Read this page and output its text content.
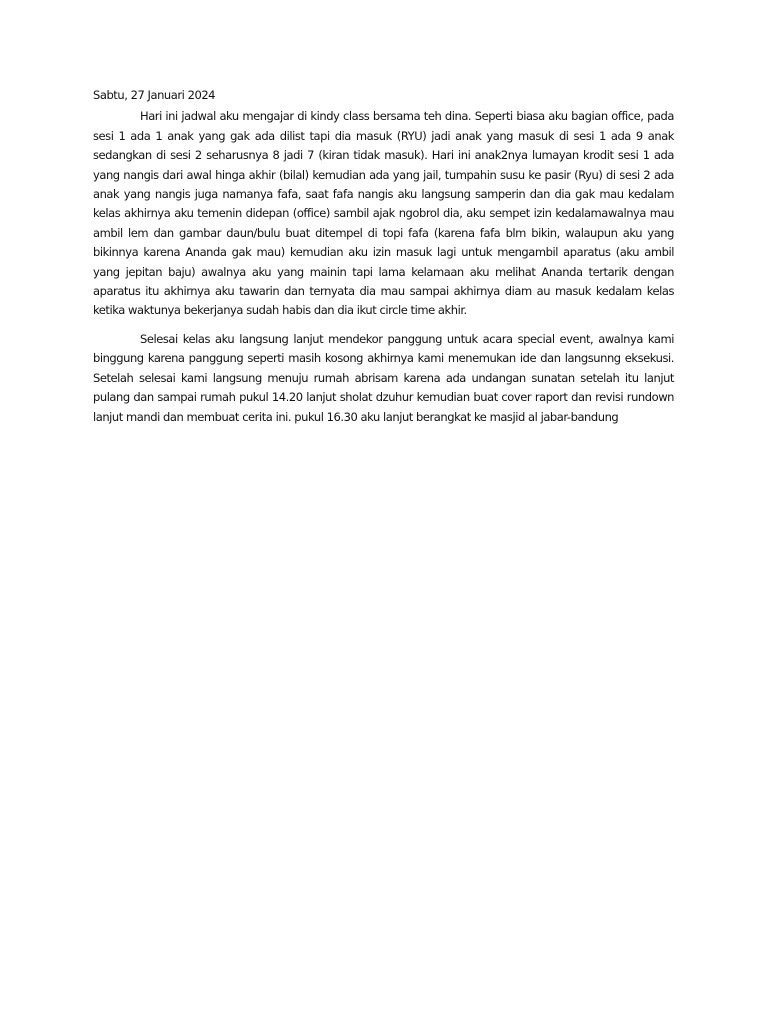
Sabtu, 27 Januari 2024

Hari ini jadwal aku mengajar di kindy class bersama teh dina. Seperti biasa aku bagian office, pada sesi 1 ada 1 anak yang gak ada dilist tapi dia masuk (RYU) jadi anak yang masuk di sesi 1 ada 9 anak sedangkan di sesi 2 seharusnya 8 jadi 7 (kiran tidak masuk). Hari ini anak2nya lumayan krodit sesi 1 ada yang nangis dari awal hinga akhir (bilal) kemudian ada yang jail, tumpahin susu ke pasir (Ryu) di sesi 2 ada anak yang nangis juga namanya fafa, saat fafa nangis aku langsung samperin dan dia gak mau kedalam kelas akhirnya aku temenin didepan (office) sambil ajak ngobrol dia, aku sempet izin kedalamawalnya mau ambil lem dan gambar daun/bulu buat ditempel di topi fafa (karena fafa blm bikin, walaupun aku yang bikinnya karena Ananda gak mau) kemudian aku izin masuk lagi untuk mengambil aparatus (aku ambil yang jepitan baju) awalnya aku yang mainin tapi lama kelamaan aku melihat Ananda tertarik dengan aparatus itu akhirnya aku tawarin dan ternyata dia mau sampai akhirnya diam au masuk kedalam kelas ketika waktunya bekerjanya sudah habis dan dia ikut circle time akhir.

Selesai kelas aku langsung lanjut mendekor panggung untuk acara special event, awalnya kami binggung karena panggung seperti masih kosong akhirnya kami menemukan ide dan langsunng eksekusi. Setelah selesai kami langsung menuju rumah abrisam karena ada undangan sunatan setelah itu lanjut pulang dan sampai rumah pukul 14.20 lanjut sholat dzuhur kemudian buat cover raport dan revisi rundown lanjut mandi dan membuat cerita ini. pukul 16.30 aku lanjut berangkat ke masjid al jabar-bandung
